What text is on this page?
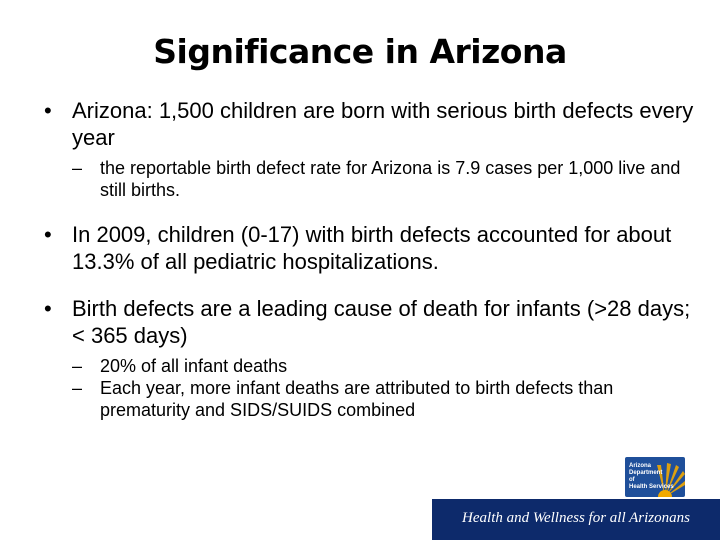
Significance in Arizona
• Arizona: 1,500 children are born with serious birth defects every year
– the reportable birth defect rate for Arizona is 7.9 cases per 1,000 live and still births.
• In 2009, children (0-17) with birth defects accounted for about 13.3% of all pediatric hospitalizations.
• Birth defects are a leading cause of death for infants (>28 days; < 365 days)
– 20% of all infant deaths
– Each year, more infant deaths are attributed to birth defects than prematurity and SIDS/SUIDS combined
Arizona
Department
of
Health Services
Health and Wellness for all Arizonans
